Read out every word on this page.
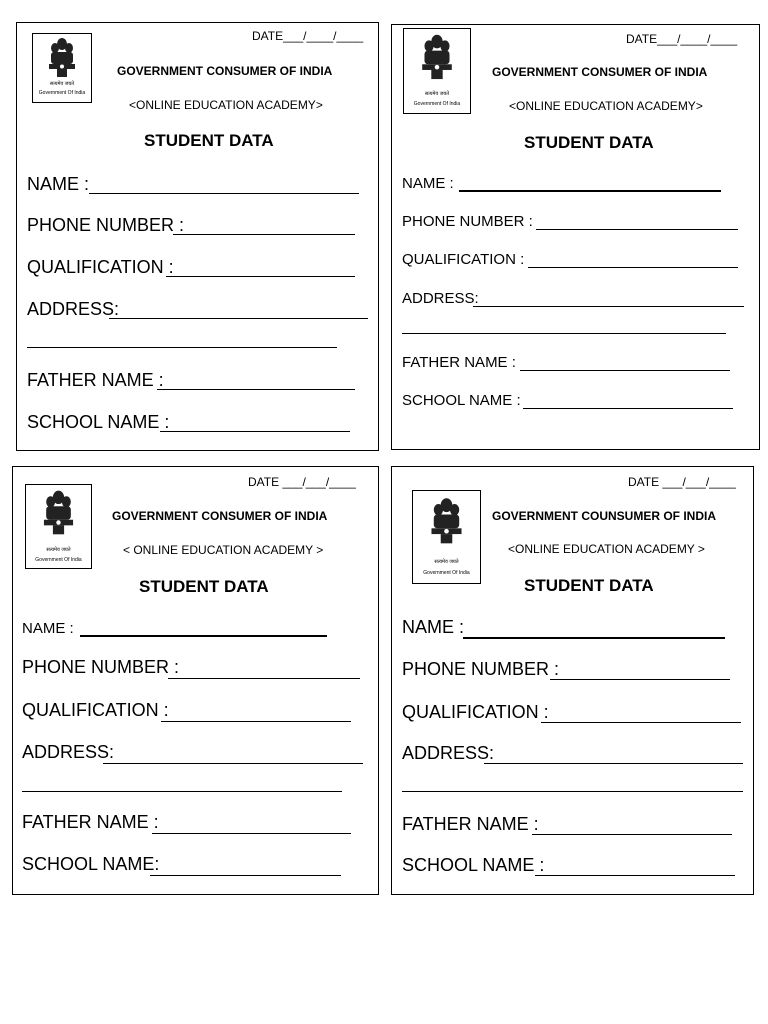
सत्यमेव जयते
Government Of India
DATE___/____/____
GOVERNMENT CONSUMER OF INDIA
<ONLINE EDUCATION ACADEMY>
STUDENT DATA
NAME :
PHONE NUMBER :
QUALIFICATION :
ADDRESS:
FATHER NAME :
SCHOOL NAME :
सत्यमेव जयते
Government Of India
DATE___/____/____
GOVERNMENT CONSUMER OF INDIA
<ONLINE EDUCATION ACADEMY>
STUDENT DATA
NAME :
PHONE NUMBER :
QUALIFICATION :
ADDRESS:
FATHER NAME :
SCHOOL NAME :
सत्यमेव जयते
Government Of India
DATE ___/___/____
GOVERNMENT CONSUMER OF INDIA
< ONLINE EDUCATION ACADEMY >
STUDENT DATA
NAME :
PHONE NUMBER :
QUALIFICATION :
ADDRESS:
FATHER NAME :
SCHOOL NAME:
सत्यमेव जयते
Government Of India
DATE ___/___/____
GOVERNMENT COUNSUMER OF INDIA
<ONLINE EDUCATION ACADEMY >
STUDENT DATA
NAME :
PHONE NUMBER :
QUALIFICATION :
ADDRESS:
FATHER NAME :
SCHOOL NAME :
